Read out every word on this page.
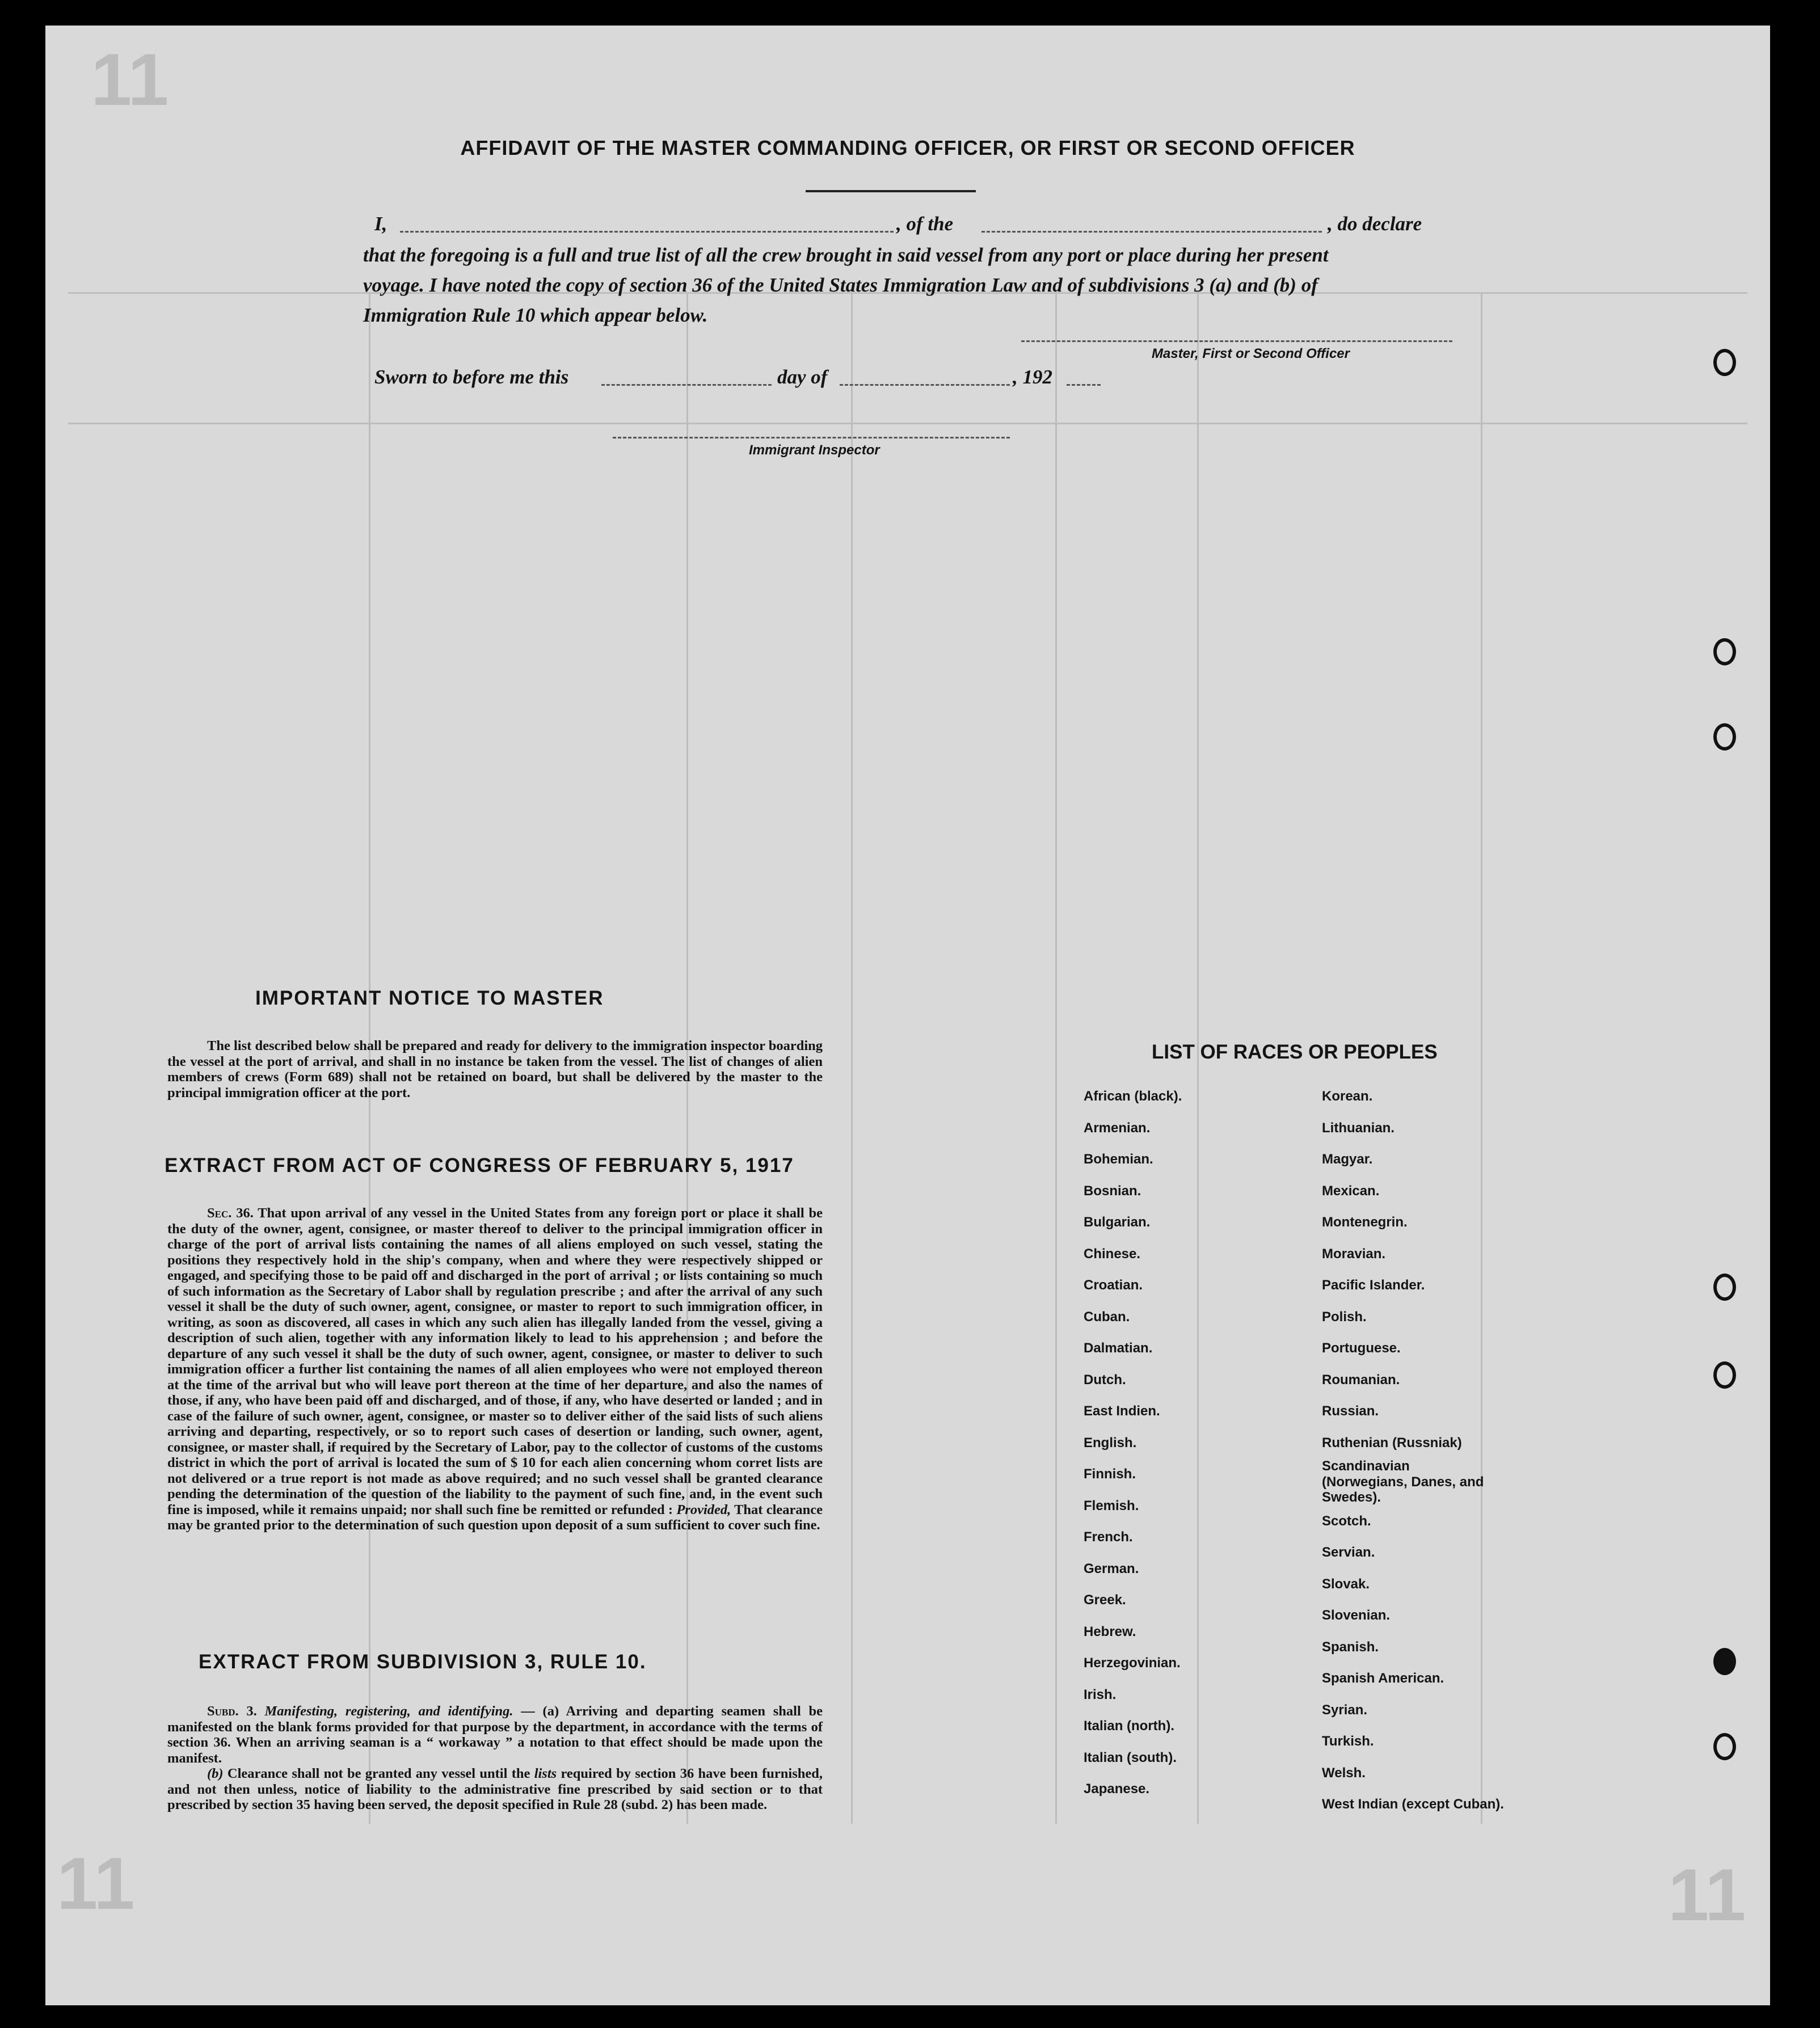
11
11	11
AFFIDAVIT OF THE MASTER COMMANDING OFFICER, OR FIRST OR SECOND OFFICER
I,	, of the	, do declare
that the foregoing is a full and true list of all the crew brought in said vessel from any port or place during her present
voyage. I have noted the copy of section 36 of the United States Immigration Law and of subdivisions 3 (a) and (b) of
Immigration Rule 10 which appear below.
Master, First or Second Officer
Sworn to before me this	day of	, 192
Immigrant Inspector
IMPORTANT NOTICE TO MASTER

The list described below shall be prepared and ready for delivery to the immigration inspector boarding the vessel at the port of arrival, and shall in no instance be taken from the vessel. The list of changes of alien members of crews (Form 689) shall not be retained on board, but shall be delivered by the master to the principal immigration officer at the port.

EXTRACT FROM ACT OF CONGRESS OF FEBRUARY 5, 1917

Sec. 36. That upon arrival of any vessel in the United States from any foreign port or place it shall be the duty of the owner, agent, consignee, or master thereof to deliver to the principal immigration officer in charge of the port of arrival lists containing the names of all aliens employed on such vessel, stating the positions they respectively hold in the ship's company, when and where they were respectively shipped or engaged, and specifying those to be paid off and discharged in the port of arrival ; or lists containing so much of such information as the Secretary of Labor shall by regulation prescribe ; and after the arrival of any such vessel it shall be the duty of such owner, agent, consignee, or master to report to such immigration officer, in writing, as soon as discovered, all cases in which any such alien has illegally landed from the vessel, giving a description of such alien, together with any information likely to lead to his apprehension ; and before the departure of any such vessel it shall be the duty of such owner, agent, consignee, or master to deliver to such immigration officer a further list containing the names of all alien employees who were not employed thereon at the time of the arrival but who will leave port thereon at the time of her departure, and also the names of those, if any, who have been paid off and discharged, and of those, if any, who have deserted or landed ; and in case of the failure of such owner, agent, consignee, or master so to deliver either of the said lists of such aliens arriving and departing, respectively, or so to report such cases of desertion or landing, such owner, agent, consignee, or master shall, if required by the Secretary of Labor, pay to the collector of customs of the customs district in which the port of arrival is located the sum of $ 10 for each alien concerning whom corret lists are not delivered or a true report is not made as above required; and no such vessel shall be granted clearance pending the determination of the question of the liability to the payment of such fine, and, in the event such fine is imposed, while it remains unpaid; nor shall such fine be remitted or refunded : Provided, That clearance may be granted prior to the determination of such question upon deposit of a sum sufficient to cover such fine.

EXTRACT FROM SUBDIVISION 3, RULE 10.

Subd. 3. Manifesting, registering, and identifying. — (a) Arriving and departing seamen shall be manifested on the blank forms provided for that purpose by the department, in accordance with the terms of section 36. When an arriving seaman is a “ workaway ” a notation to that effect should be made upon the manifest.

(b) Clearance shall not be granted any vessel until the lists required by section 36 have been furnished, and not then unless, notice of liability to the administrative fine prescribed by said section or to that prescribed by section 35 having been served, the deposit specified in Rule 28 (subd. 2) has been made.

LIST OF RACES OR PEOPLES
African (black).
Armenian.
Bohemian.
Bosnian.
Bulgarian.
Chinese.
Croatian.
Cuban.
Dalmatian.
Dutch.
East Indien.
English.
Finnish.
Flemish.
French.
German.
Greek.
Hebrew.
Herzegovinian.
Irish.
Italian (north).
Italian (south).
Japanese.
Korean.
Lithuanian.
Magyar.
Mexican.
Montenegrin.
Moravian.
Pacific Islander.
Polish.
Portuguese.
Roumanian.
Russian.
Ruthenian (Russniak)
Scandinavian (Norwegians, Danes, and Swedes).
Scotch.
Servian.
Slovak.
Slovenian.
Spanish.
Spanish American.
Syrian.
Turkish.
Welsh.
West Indian (except Cuban).
